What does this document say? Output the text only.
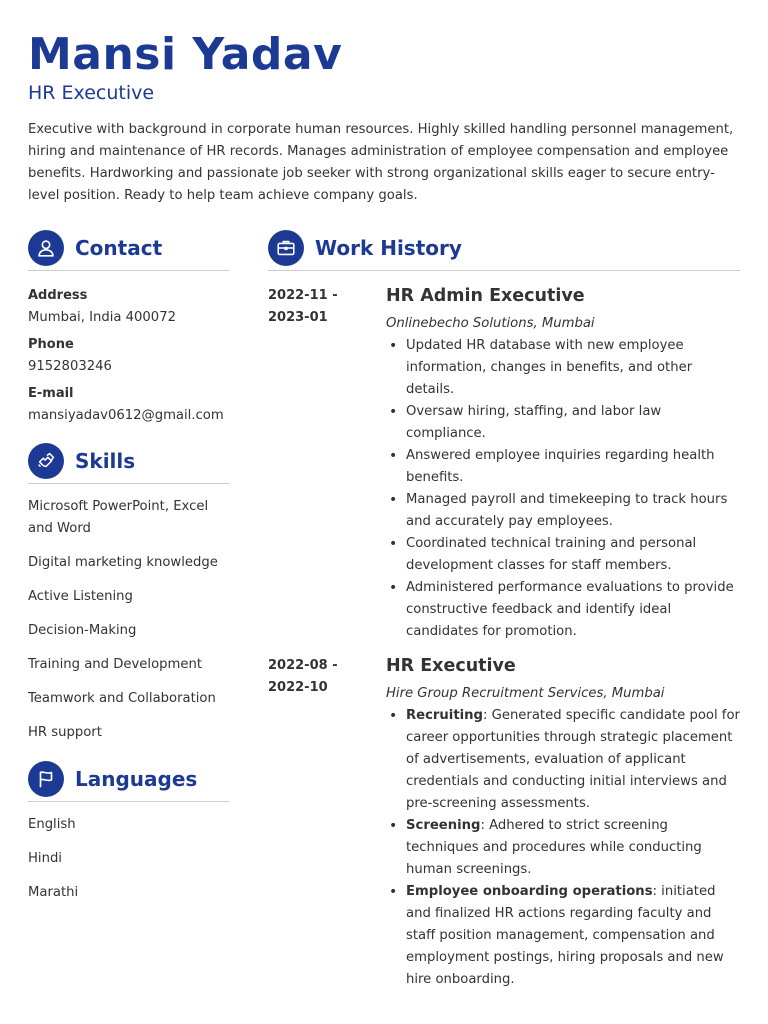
Mansi Yadav
HR Executive
Executive with background in corporate human resources. Highly skilled handling personnel management, hiring and maintenance of HR records. Manages administration of employee compensation and employee benefits. Hardworking and passionate job seeker with strong organizational skills eager to secure entry-level position. Ready to help team achieve company goals.
Contact
Address
Mumbai, India 400072
Phone
9152803246
E-mail
mansiyadav0612@gmail.com
Skills
Microsoft PowerPoint, Excel and Word
Digital marketing knowledge
Active Listening
Decision-Making
Training and Development
Teamwork and Collaboration
HR support
Languages
English
Hindi
Marathi
Work History
2022-11 -
2023-01
HR Admin Executive
Onlinebecho Solutions, Mumbai
• Updated HR database with new employee information, changes in benefits, and other details.
• Oversaw hiring, staffing, and labor law compliance.
• Answered employee inquiries regarding health benefits.
• Managed payroll and timekeeping to track hours and accurately pay employees.
• Coordinated technical training and personal development classes for staff members.
• Administered performance evaluations to provide constructive feedback and identify ideal candidates for promotion.
2022-08 -
2022-10
HR Executive
Hire Group Recruitment Services, Mumbai
• Recruiting: Generated specific candidate pool for career opportunities through strategic placement of advertisements, evaluation of applicant credentials and conducting initial interviews and pre-screening assessments.
• Screening: Adhered to strict screening techniques and procedures while conducting human screenings.
• Employee onboarding operations: initiated and finalized HR actions regarding faculty and staff position management, compensation and employment postings, hiring proposals and new hire onboarding.
